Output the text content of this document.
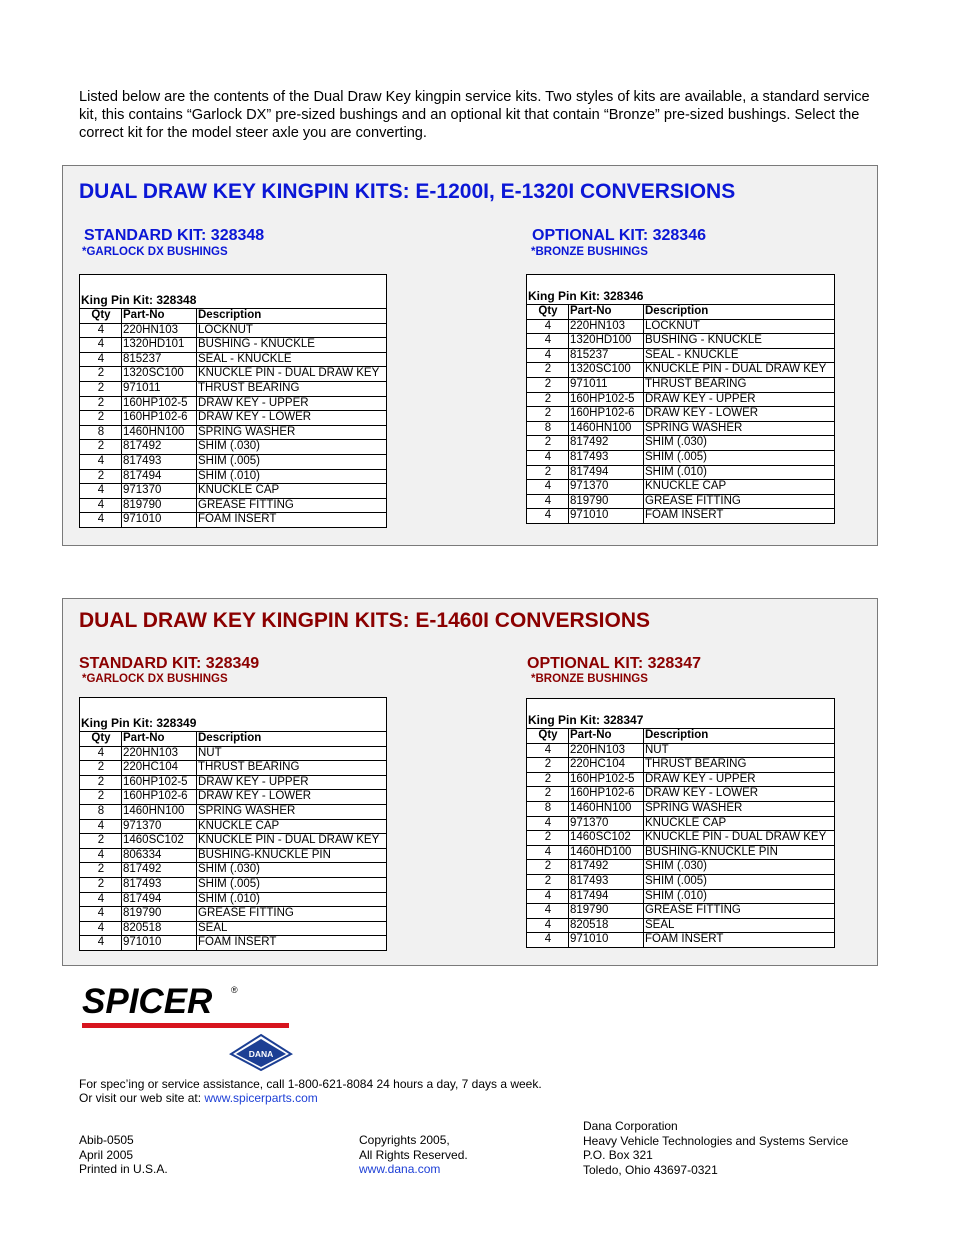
Listed below are the contents of the Dual Draw Key kingpin service kits. Two styles of kits are available, a standard service kit, this contains “Garlock DX” pre-sized bushings and an optional kit that contain “Bronze” pre-sized bushings. Select the correct kit for the model steer axle you are converting.
DUAL DRAW KEY KINGPIN KITS: E-1200I, E-1320I CONVERSIONS
STANDARD KIT: 328348
*GARLOCK DX BUSHINGS
OPTIONAL KIT: 328346
*BRONZE BUSHINGS
King Pin Kit: 328348
Qty	Part-No	Description
4	220HN103	LOCKNUT
4	1320HD101	BUSHING - KNUCKLE
4	815237	SEAL - KNUCKLE
2	1320SC100	KNUCKLE PIN - DUAL DRAW KEY
2	971011	THRUST BEARING
2	160HP102-5	DRAW KEY - UPPER
2	160HP102-6	DRAW KEY - LOWER
8	1460HN100	SPRING WASHER
2	817492	SHIM (.030)
4	817493	SHIM (.005)
2	817494	SHIM (.010)
4	971370	KNUCKLE CAP
4	819790	GREASE FITTING
4	971010	FOAM INSERT
King Pin Kit: 328346
Qty	Part-No	Description
4	220HN103	LOCKNUT
4	1320HD100	BUSHING - KNUCKLE
4	815237	SEAL - KNUCKLE
2	1320SC100	KNUCKLE PIN - DUAL DRAW KEY
2	971011	THRUST BEARING
2	160HP102-5	DRAW KEY - UPPER
2	160HP102-6	DRAW KEY - LOWER
8	1460HN100	SPRING WASHER
2	817492	SHIM (.030)
4	817493	SHIM (.005)
2	817494	SHIM (.010)
4	971370	KNUCKLE CAP
4	819790	GREASE FITTING
4	971010	FOAM INSERT
DUAL DRAW KEY KINGPIN KITS: E-1460I CONVERSIONS
STANDARD KIT: 328349
*GARLOCK DX BUSHINGS
OPTIONAL KIT: 328347
*BRONZE BUSHINGS
King Pin Kit: 328349
Qty	Part-No	Description
4	220HN103	NUT
2	220HC104	THRUST BEARING
2	160HP102-5	DRAW KEY - UPPER
2	160HP102-6	DRAW KEY - LOWER
8	1460HN100	SPRING WASHER
4	971370	KNUCKLE CAP
2	1460SC102	KNUCKLE PIN - DUAL DRAW KEY
4	806334	BUSHING-KNUCKLE PIN
2	817492	SHIM (.030)
2	817493	SHIM (.005)
4	817494	SHIM (.010)
4	819790	GREASE FITTING
4	820518	SEAL
4	971010	FOAM INSERT
King Pin Kit: 328347
Qty	Part-No	Description
4	220HN103	NUT
2	220HC104	THRUST BEARING
2	160HP102-5	DRAW KEY - UPPER
2	160HP102-6	DRAW KEY - LOWER
8	1460HN100	SPRING WASHER
4	971370	KNUCKLE CAP
2	1460SC102	KNUCKLE PIN - DUAL DRAW KEY
4	1460HD100	BUSHING-KNUCKLE PIN
2	817492	SHIM (.030)
2	817493	SHIM (.005)
4	817494	SHIM (.010)
4	819790	GREASE FITTING
4	820518	SEAL
4	971010	FOAM INSERT
SPICER ®
DANA
For spec’ing or service assistance, call 1-800-621-8084 24 hours a day, 7 days a week.
Or visit our web site at: www.spicerparts.com
Abib-0505
April 2005
Printed in U.S.A.
Copyrights 2005,
All Rights Reserved.
www.dana.com
Dana Corporation
Heavy Vehicle Technologies and Systems Service
P.O. Box 321
Toledo, Ohio 43697-0321
